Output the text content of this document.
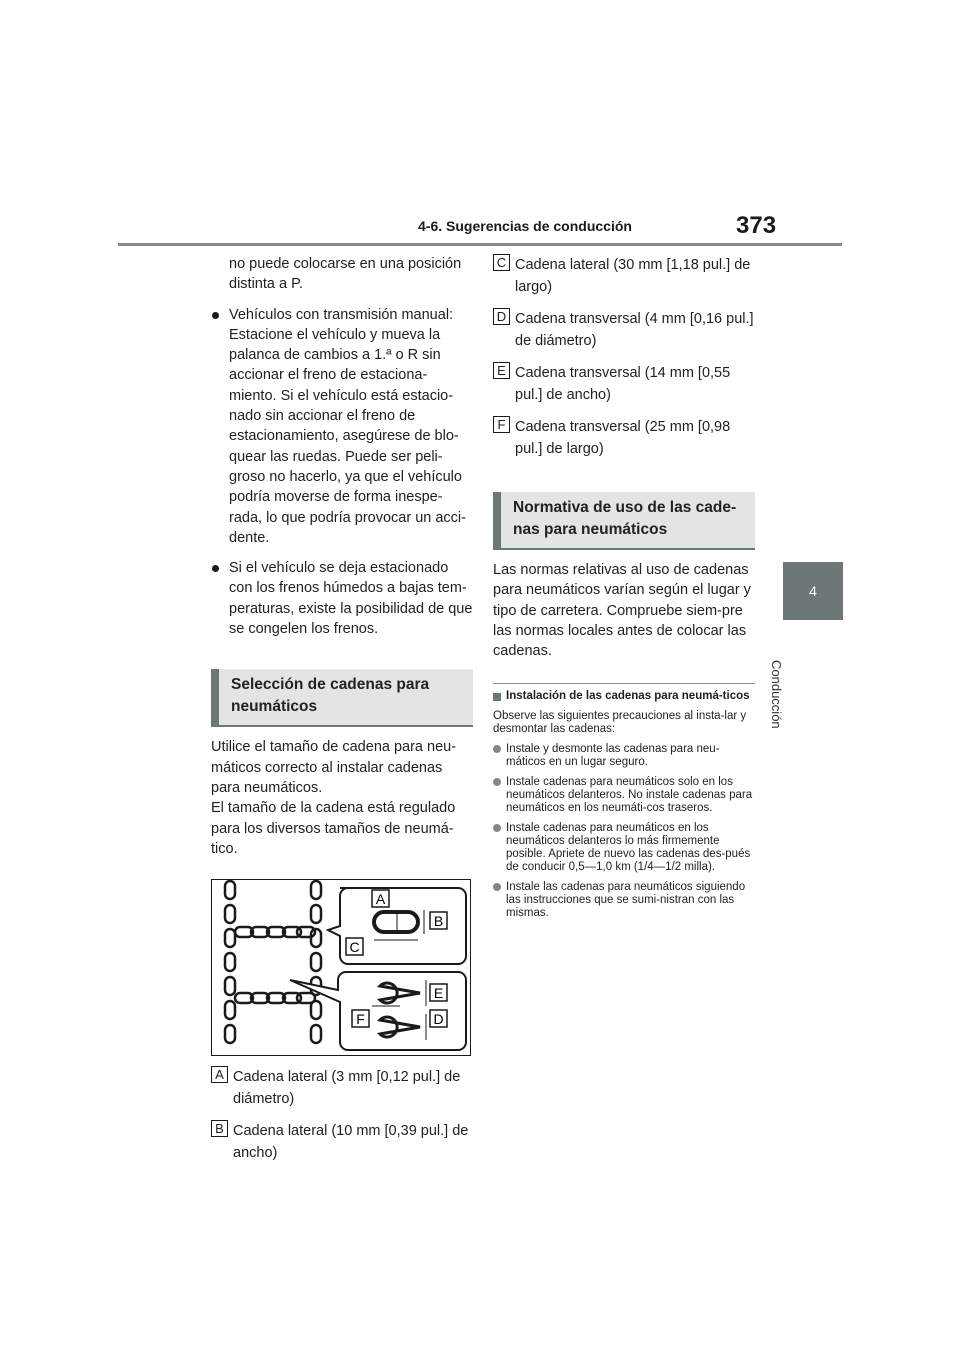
4-6. Sugerencias de conducción	373
4
Conducción
no puede colocarse en una posición distinta a P.
Vehículos con transmisión manual: Estacione el vehículo y mueva la palanca de cambios a 1.ª o R sin accionar el freno de estaciona-miento. Si el vehículo está estacio-nado sin accionar el freno de estacionamiento, asegúrese de blo-quear las ruedas. Puede ser peli-groso no hacerlo, ya que el vehículo podría moverse de forma inespe-rada, lo que podría provocar un acci-dente.
Si el vehículo se deja estacionado con los frenos húmedos a bajas tem-peraturas, existe la posibilidad de que se congelen los frenos.
Selección de cadenas para neumáticos
Utilice el tamaño de cadena para neu-máticos correcto al instalar cadenas para neumáticos.
El tamaño de la cadena está regulado para los diversos tamaños de neumá-tico.
A
B
C
D
E
F
A Cadena lateral (3 mm [0,12 pul.] de diámetro)
B Cadena lateral (10 mm [0,39 pul.] de ancho)
C Cadena lateral (30 mm [1,18 pul.] de largo)
D Cadena transversal (4 mm [0,16 pul.] de diámetro)
E Cadena transversal (14 mm [0,55 pul.] de ancho)
F Cadena transversal (25 mm [0,98 pul.] de largo)
Normativa de uso de las cade-nas para neumáticos
Las normas relativas al uso de cadenas para neumáticos varían según el lugar y tipo de carretera. Compruebe siem-pre las normas locales antes de colocar las cadenas.
Instalación de las cadenas para neumá-ticos
Observe las siguientes precauciones al insta-lar y desmontar las cadenas:
Instale y desmonte las cadenas para neu-máticos en un lugar seguro.
Instale cadenas para neumáticos solo en los neumáticos delanteros. No instale cadenas para neumáticos en los neumáti-cos traseros.
Instale cadenas para neumáticos en los neumáticos delanteros lo más firmemente posible. Apriete de nuevo las cadenas des-pués de conducir 0,5—1,0 km (1/4—1/2 milla).
Instale las cadenas para neumáticos siguiendo las instrucciones que se sumi-nistran con las mismas.
